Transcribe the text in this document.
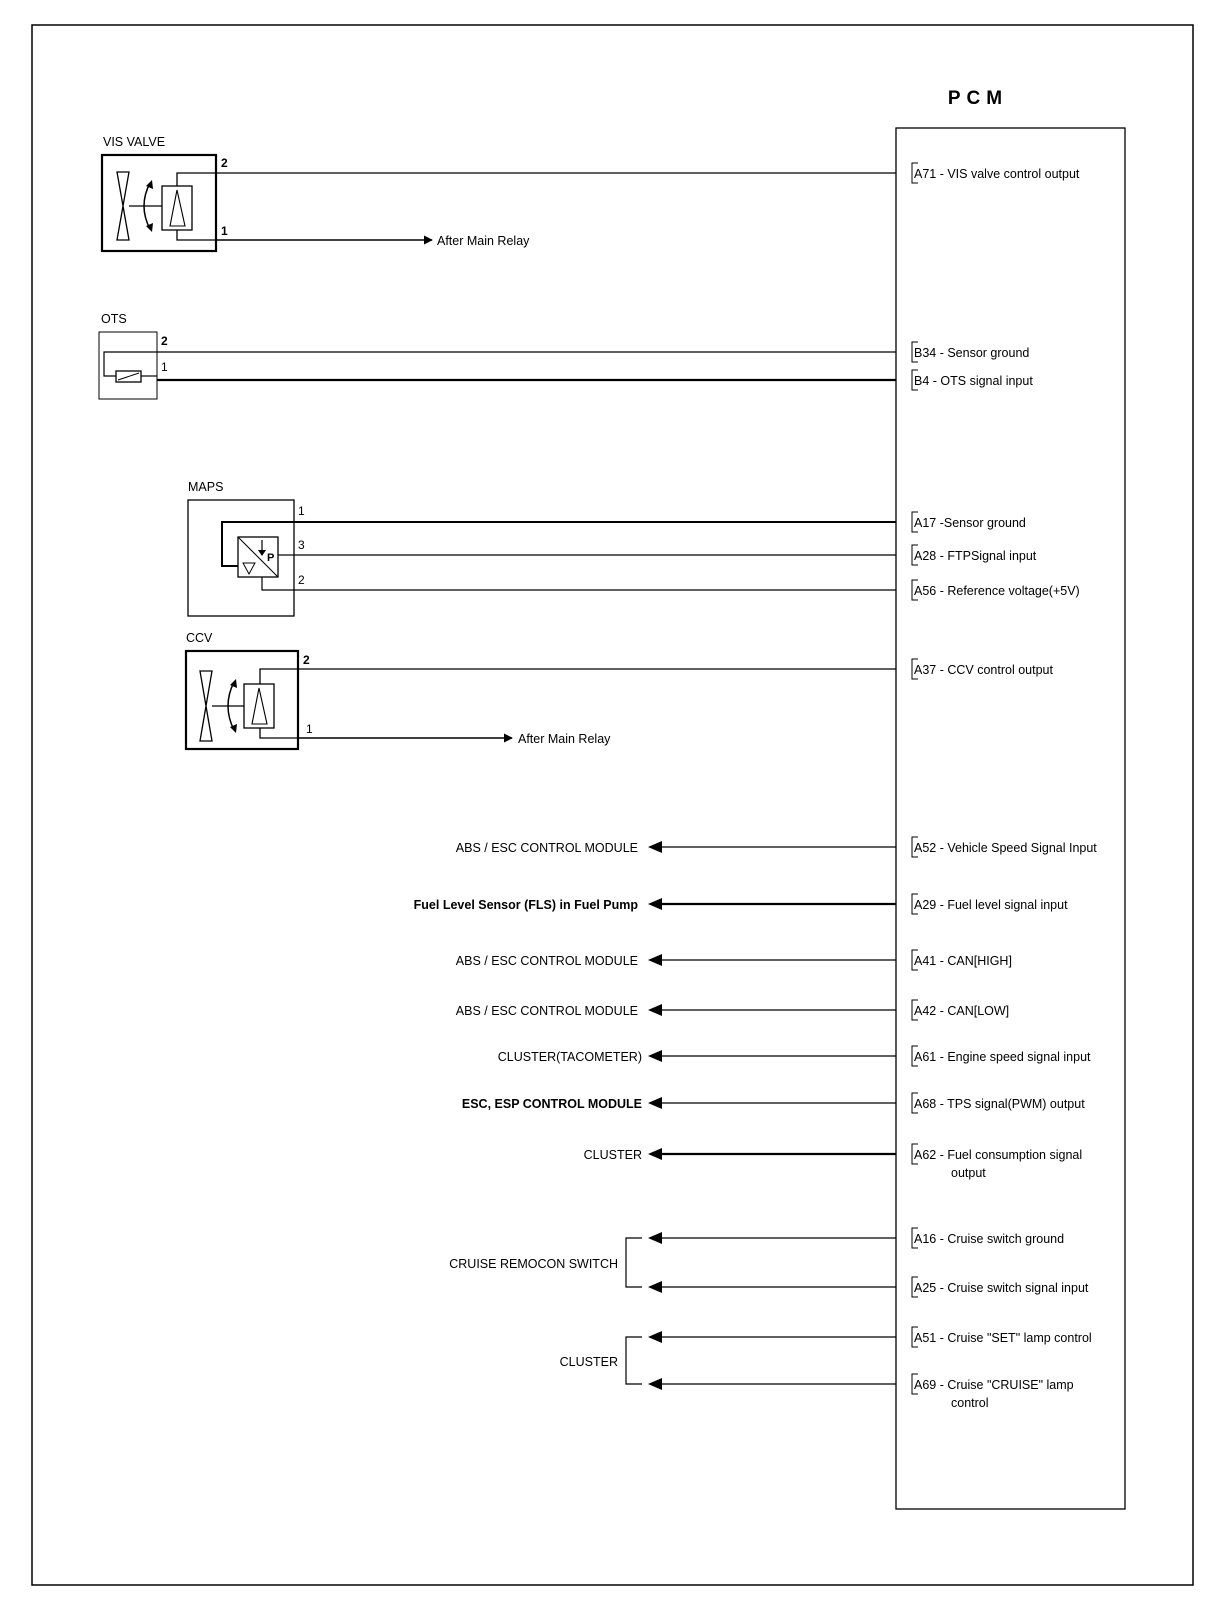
PCM
VIS VALVE
2
1
After Main Relay
OTS
2
1
MAPS
P
1
3
2
CCV
2
1
After Main Relay
ABS / ESC CONTROL MODULE
Fuel Level Sensor (FLS) in Fuel Pump
ABS / ESC CONTROL MODULE
ABS / ESC CONTROL MODULE
CLUSTER(TACOMETER)
ESC, ESP CONTROL MODULE
CLUSTER
CRUISE REMOCON SWITCH
CLUSTER
A71 - VIS valve control output
B34 - Sensor ground
B4 - OTS signal input
A17 -Sensor ground
A28 - FTPSignal input
A56 - Reference voltage(+5V)
A37 - CCV control output
A52 - Vehicle Speed Signal Input
A29 - Fuel level signal input
A41 - CAN[HIGH]
A42 - CAN[LOW]
A61 - Engine speed signal input
A68 - TPS signal(PWM) output
A62 - Fuel consumption signal
output
A16 - Cruise switch ground
A25 - Cruise switch signal input
A51 - Cruise "SET" lamp control
A69 - Cruise "CRUISE" lamp
control
